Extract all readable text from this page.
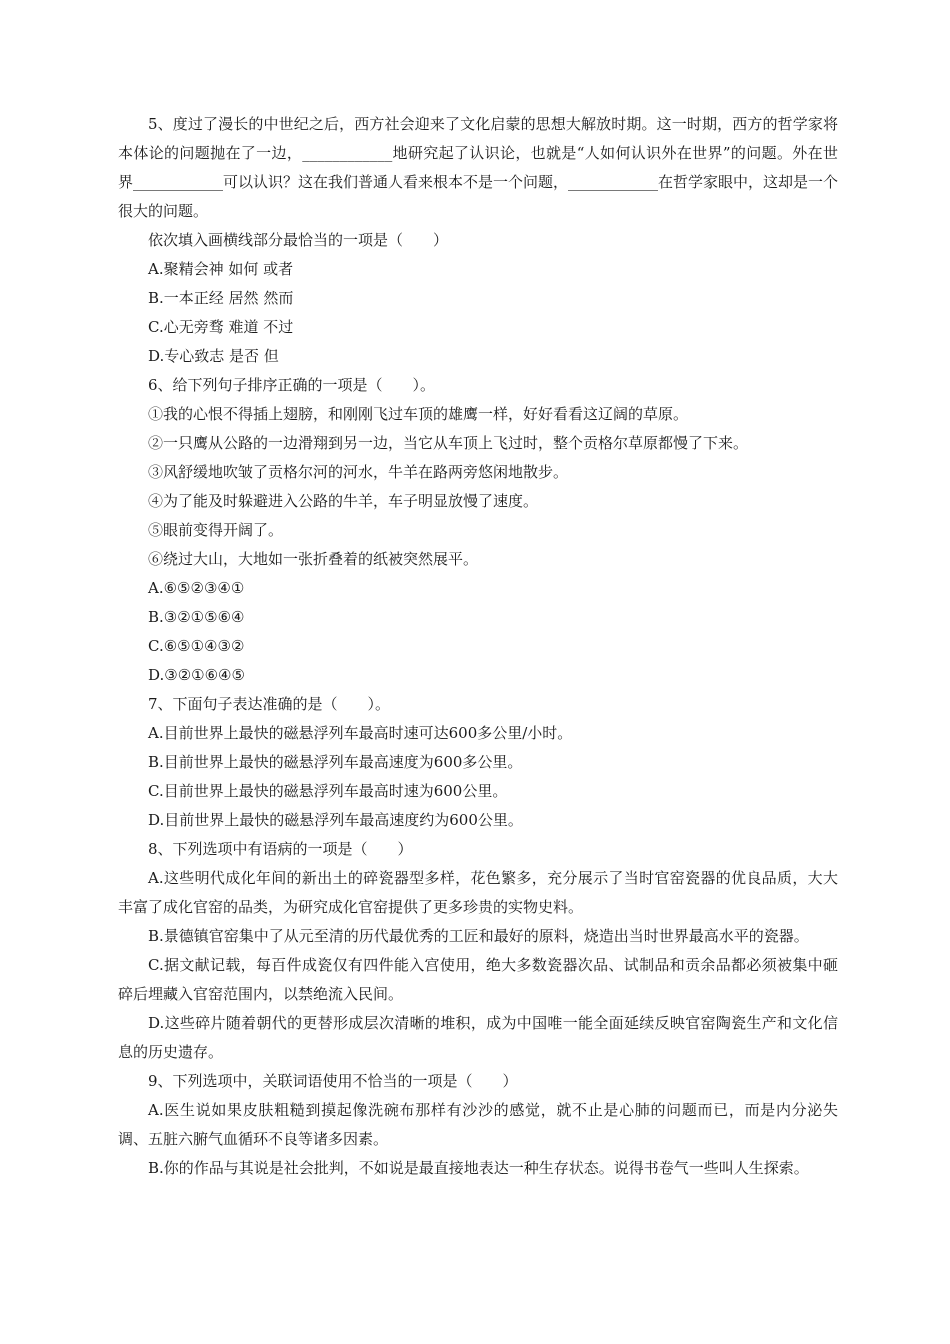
5、度过了漫长的中世纪之后，西方社会迎来了文化启蒙的思想大解放时期。这一时期，西方的哲学家将本体论的问题抛在了一边，____________地研究起了认识论，也就是“人如何认识外在世界”的问题。外在世界____________可以认识？这在我们普通人看来根本不是一个问题，____________在哲学家眼中，这却是一个很大的问题。

依次填入画横线部分最恰当的一项是（　　）

A.聚精会神 如何 或者

B.一本正经 居然 然而

C.心无旁骛 难道 不过

D.专心致志 是否 但

6、给下列句子排序正确的一项是（　　）。

①我的心恨不得插上翅膀，和刚刚飞过车顶的雄鹰一样，好好看看这辽阔的草原。

②一只鹰从公路的一边滑翔到另一边，当它从车顶上飞过时，整个贡格尔草原都慢了下来。

③风舒缓地吹皱了贡格尔河的河水，牛羊在路两旁悠闲地散步。

④为了能及时躲避进入公路的牛羊，车子明显放慢了速度。

⑤眼前变得开阔了。

⑥绕过大山，大地如一张折叠着的纸被突然展平。

A.⑥⑤②③④①

B.③②①⑤⑥④

C.⑥⑤①④③②

D.③②①⑥④⑤

7、下面句子表达准确的是（　　）。

A.目前世界上最快的磁悬浮列车最高时速可达600多公里/小时。

B.目前世界上最快的磁悬浮列车最高速度为600多公里。

C.目前世界上最快的磁悬浮列车最高时速为600公里。

D.目前世界上最快的磁悬浮列车最高速度约为600公里。

8、下列选项中有语病的一项是（　　）

A.这些明代成化年间的新出土的碎瓷器型多样，花色繁多，充分展示了当时官窑瓷器的优良品质，大大丰富了成化官窑的品类，为研究成化官窑提供了更多珍贵的实物史料。

B.景德镇官窑集中了从元至清的历代最优秀的工匠和最好的原料，烧造出当时世界最高水平的瓷器。

C.据文献记载，每百件成瓷仅有四件能入宫使用，绝大多数瓷器次品、试制品和贡余品都必须被集中砸碎后埋藏入官窑范围内，以禁绝流入民间。

D.这些碎片随着朝代的更替形成层次清晰的堆积，成为中国唯一能全面延续反映官窑陶瓷生产和文化信息的历史遗存。

9、下列选项中，关联词语使用不恰当的一项是（　　）

A.医生说如果皮肤粗糙到摸起像洗碗布那样有沙沙的感觉，就不止是心肺的问题而已，而是内分泌失调、五脏六腑气血循环不良等诸多因素。

B.你的作品与其说是社会批判，不如说是最直接地表达一种生存状态。说得书卷气一些叫人生探索。
